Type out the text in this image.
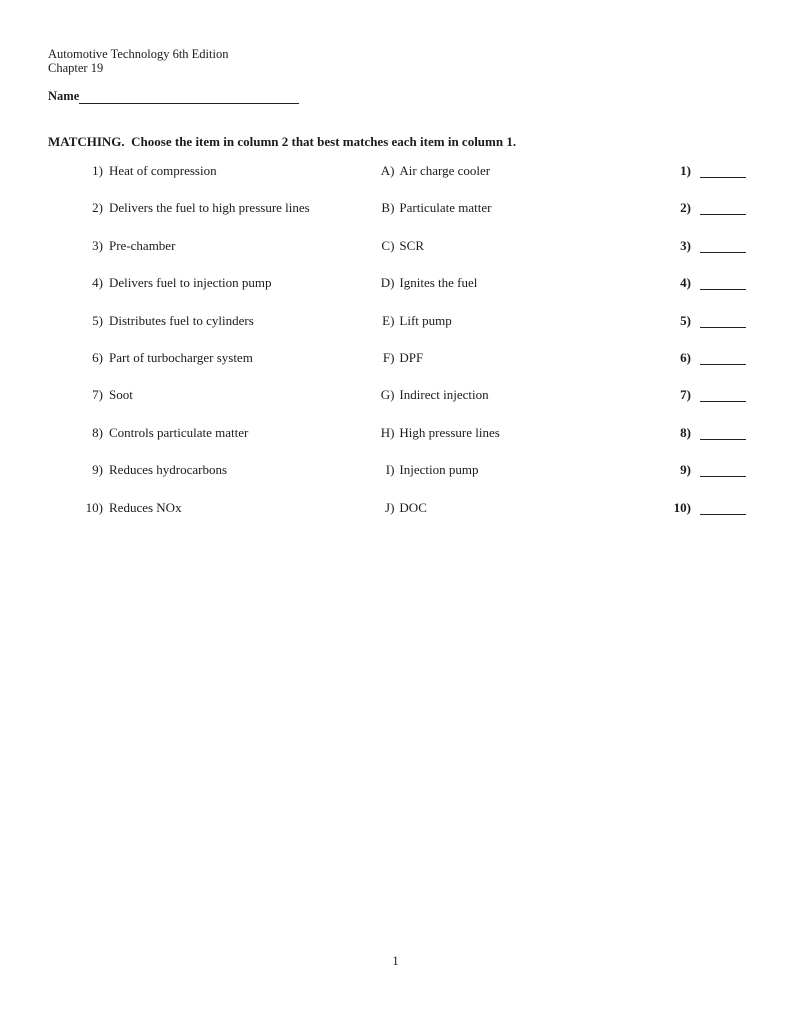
Automotive Technology 6th Edition
Chapter 19
Name
MATCHING.  Choose the item in column 2 that best matches each item in column 1.
1) Heat of compression	A) Air charge cooler	1)
2) Delivers the fuel to high pressure lines	B) Particulate matter	2)
3) Pre-chamber	C) SCR	3)
4) Delivers fuel to injection pump	D) Ignites the fuel	4)
5) Distributes fuel to cylinders	E) Lift pump	5)
6) Part of turbocharger system	F) DPF	6)
7) Soot	G) Indirect injection	7)
8) Controls particulate matter	H) High pressure lines	8)
9) Reduces hydrocarbons	I) Injection pump	9)
10) Reduces NOx	J) DOC	10)
1
